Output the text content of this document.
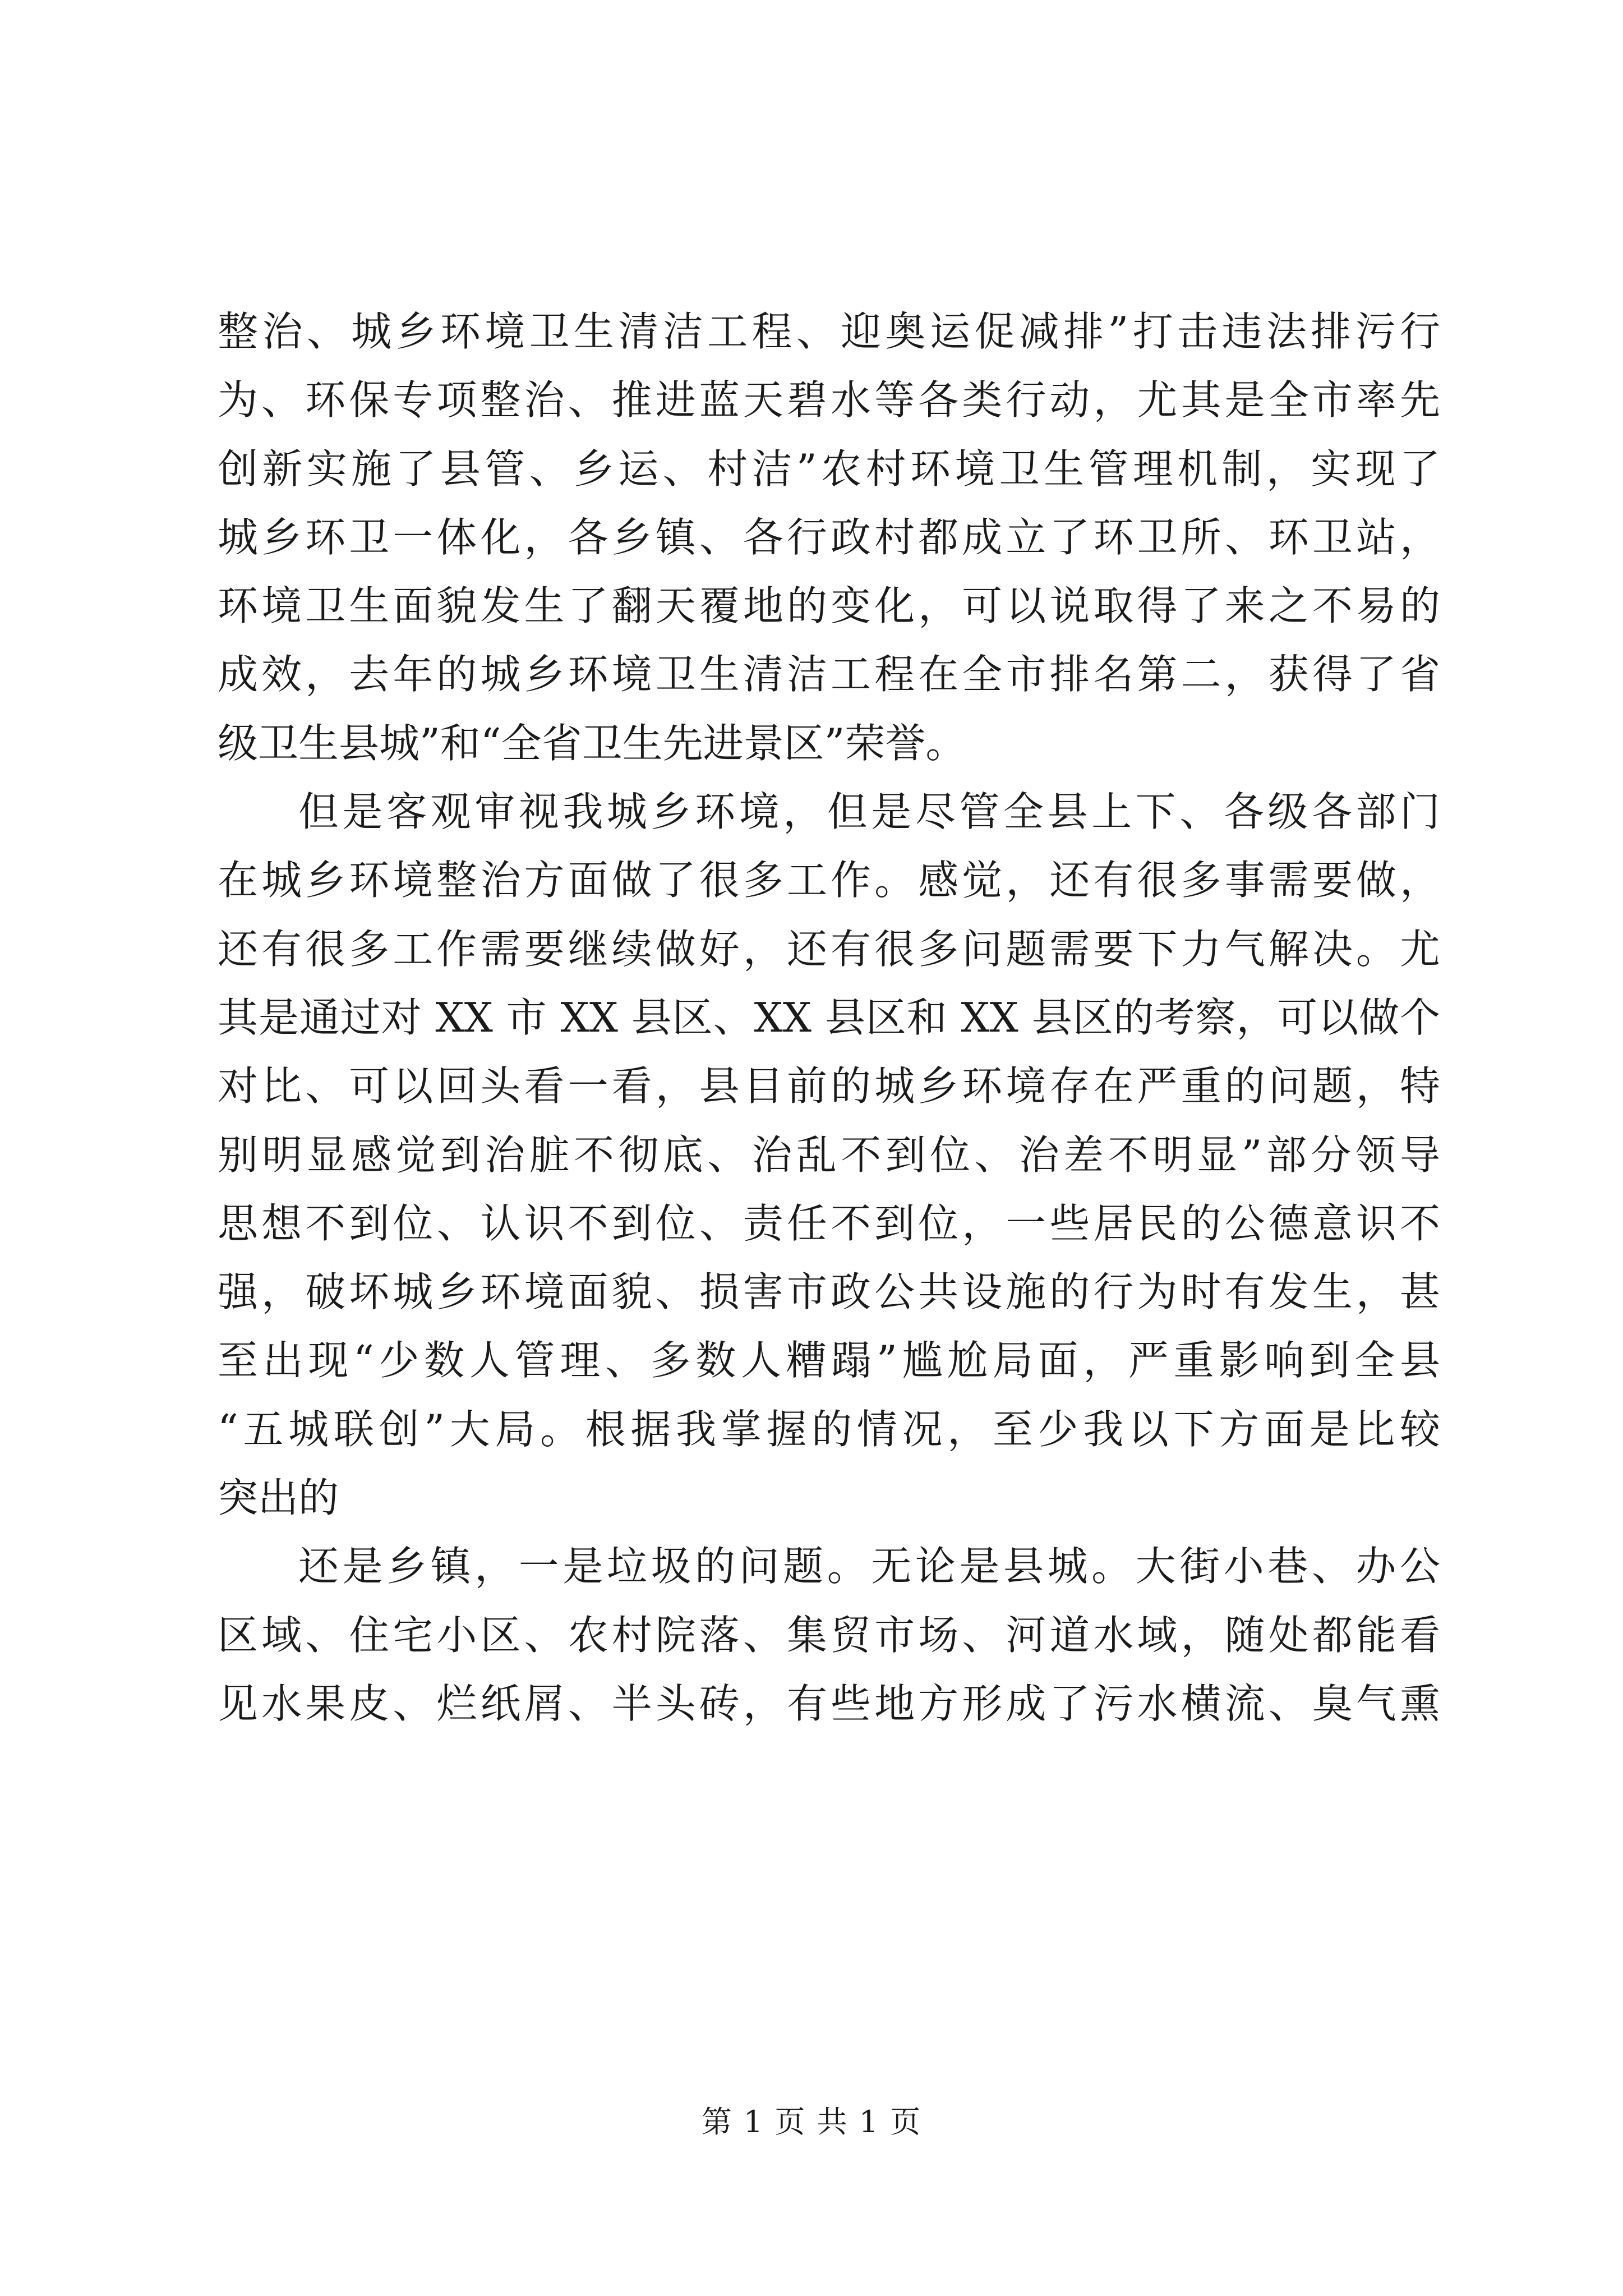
整治、城乡环境卫生清洁工程、迎奥运促减排”打击违法排污行
为、环保专项整治、推进蓝天碧水等各类行动，尤其是全市率先
创新实施了县管、乡运、村洁”农村环境卫生管理机制，实现了
城乡环卫一体化，各乡镇、各行政村都成立了环卫所、环卫站，
环境卫生面貌发生了翻天覆地的变化，可以说取得了来之不易的
成效，去年的城乡环境卫生清洁工程在全市排名第二，获得了省
级卫生县城”和“全省卫生先进景区”荣誉。
但是客观审视我城乡环境，但是尽管全县上下、各级各部门
在城乡环境整治方面做了很多工作。感觉，还有很多事需要做，
还有很多工作需要继续做好，还有很多问题需要下力气解决。尤
其是通过对 XX 市 XX 县区、XX 县区和 XX 县区的考察，可以做个
对比、可以回头看一看，县目前的城乡环境存在严重的问题，特
别明显感觉到治脏不彻底、治乱不到位、治差不明显”部分领导
思想不到位、认识不到位、责任不到位，一些居民的公德意识不
强，破坏城乡环境面貌、损害市政公共设施的行为时有发生，甚
至出现“少数人管理、多数人糟蹋”尴尬局面，严重影响到全县
“五城联创”大局。根据我掌握的情况，至少我以下方面是比较
突出的
还是乡镇，一是垃圾的问题。无论是县城。大街小巷、办公
区域、住宅小区、农村院落、集贸市场、河道水域，随处都能看
见水果皮、烂纸屑、半头砖，有些地方形成了污水横流、臭气熏
第 1 页 共 1 页
